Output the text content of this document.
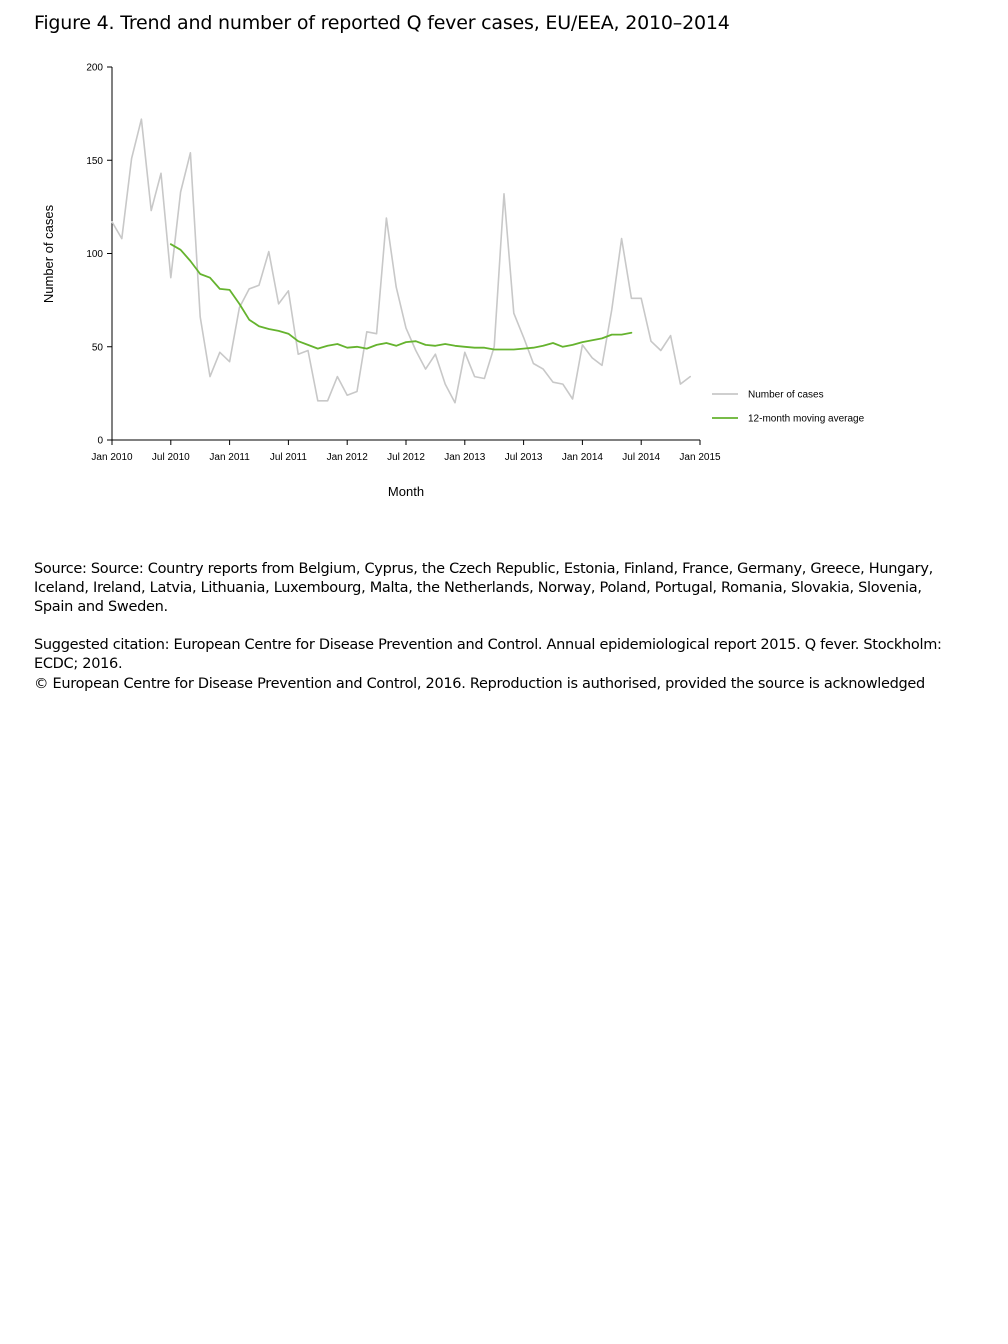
Figure 4. Trend and number of reported Q fever cases, EU/EEA, 2010–2014
0
50
100
150
200
Jan 2010 Jul 2010 Jan 2011 Jul 2011 Jan 2012 Jul 2012 Jan 2013 Jul 2013 Jan 2014 Jul 2014 Jan 2015
Number of cases
Month
Number of cases
12-month moving average

Source: Source: Country reports from Belgium, Cyprus, the Czech Republic, Estonia, Finland, France, Germany, Greece, Hungary, Iceland, Ireland, Latvia, Lithuania, Luxembourg, Malta, the Netherlands, Norway, Poland, Portugal, Romania, Slovakia, Slovenia, Spain and Sweden.

Suggested citation: European Centre for Disease Prevention and Control. Annual epidemiological report 2015. Q fever. Stockholm: ECDC; 2016.

© European Centre for Disease Prevention and Control, 2016. Reproduction is authorised, provided the source is acknowledged
